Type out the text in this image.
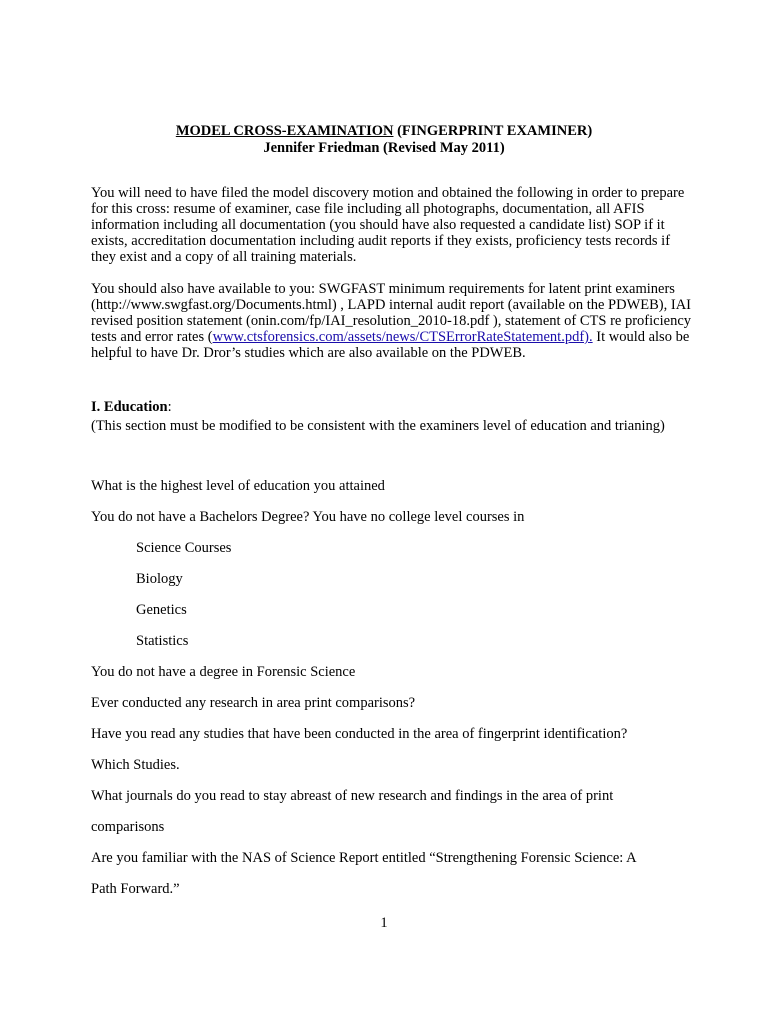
MODEL CROSS-EXAMINATION (FINGERPRINT EXAMINER)
Jennifer Friedman (Revised May 2011)
You will need to have filed the model discovery motion and obtained the following in order to prepare for this cross: resume of examiner, case file including all photographs, documentation, all AFIS information including all documentation (you should have also requested a candidate list) SOP if it exists, accreditation documentation including audit reports if they exists, proficiency tests records if they exist and a copy of all training materials.
You should also have available to you: SWGFAST minimum requirements for latent print examiners (http://www.swgfast.org/Documents.html) , LAPD internal audit report (available on the PDWEB), IAI revised position statement (onin.com/fp/IAI_resolution_2010-18.pdf ), statement of CTS re proficiency tests and error rates (www.ctsforensics.com/assets/news/CTSErrorRateStatement.pdf). It would also be helpful to have Dr. Dror’s studies which are also available on the PDWEB.
I. Education:
(This section must be modified to be consistent with the examiners level of education and trianing)
What is the highest level of education you attained
You do not have a Bachelors Degree? You have no college level courses in
Science Courses
Biology
Genetics
Statistics
You do not have a degree in Forensic Science
Ever conducted any research in area print comparisons?
Have you read any studies that have been conducted in the area of fingerprint identification?
Which Studies.
What journals do you read to stay abreast of new research and findings in the area of print
comparisons
Are you familiar with the NAS of Science Report entitled “Strengthening Forensic Science: A
Path Forward.”
1
